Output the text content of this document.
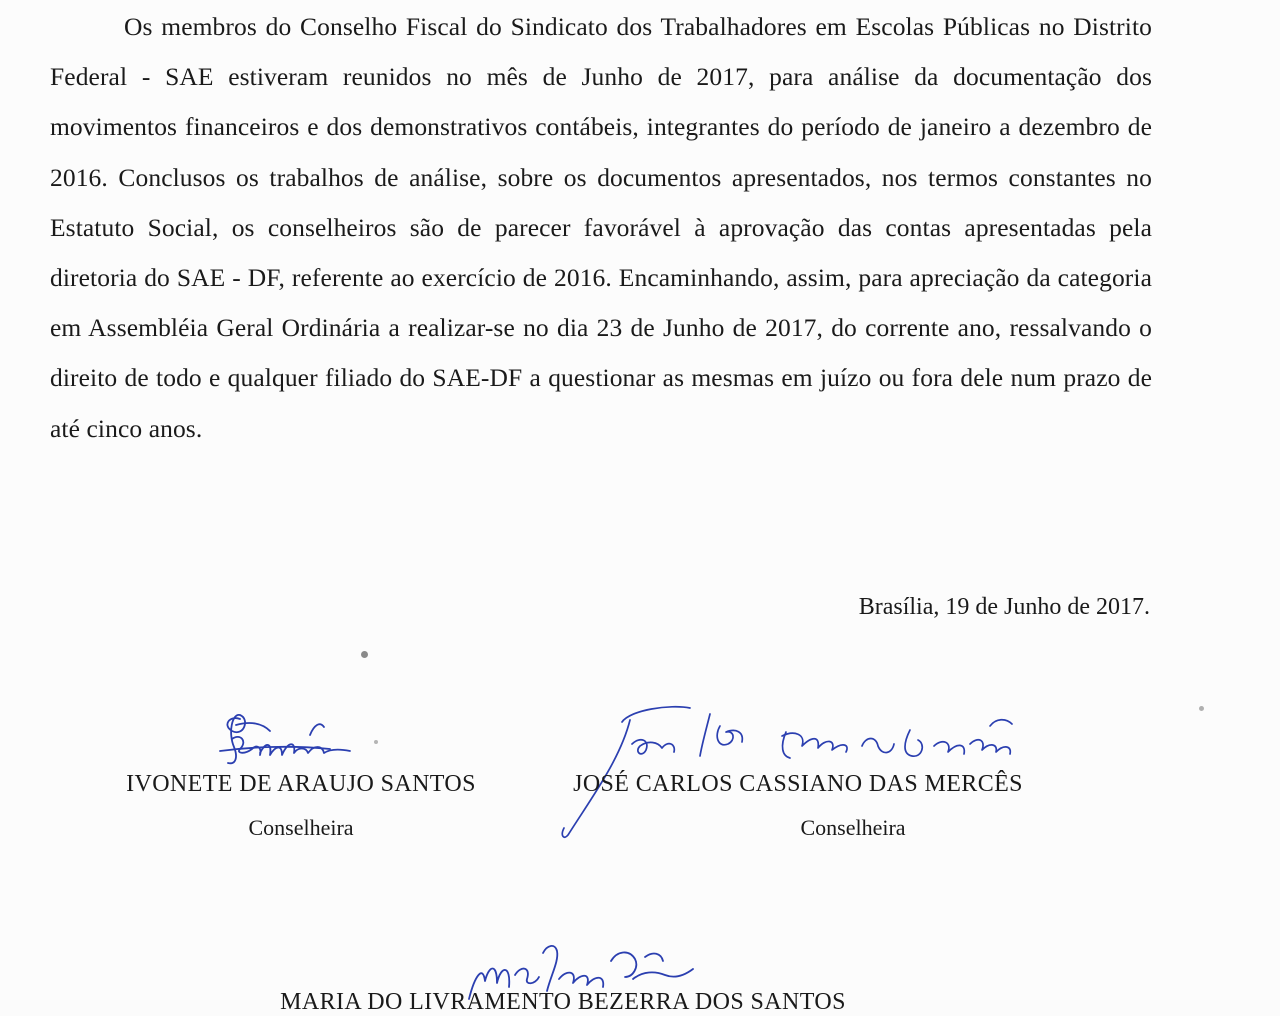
Os membros do Conselho Fiscal do Sindicato dos Trabalhadores em Escolas Públicas no Distrito Federal - SAE estiveram reunidos no mês de Junho de 2017, para análise da documentação dos movimentos financeiros e dos demonstrativos contábeis, integrantes do período de janeiro a dezembro de 2016. Conclusos os trabalhos de análise, sobre os documentos apresentados, nos termos constantes no Estatuto Social, os conselheiros são de parecer favorável à aprovação das contas apresentadas pela diretoria do SAE - DF, referente ao exercício de 2016. Encaminhando, assim, para apreciação da categoria em Assembléia Geral Ordinária a realizar-se no dia 23 de Junho de 2017, do corrente ano, ressalvando o direito de todo e qualquer filiado do SAE-DF a questionar as mesmas em juízo ou fora dele num prazo de até cinco anos.

Brasília, 19 de Junho de 2017.

IVONETE DE ARAUJO SANTOS

Conselheira

JOSÉ CARLOS CASSIANO DAS MERCÊS

Conselheira

MARIA DO LIVRAMENTO BEZERRA DOS SANTOS
